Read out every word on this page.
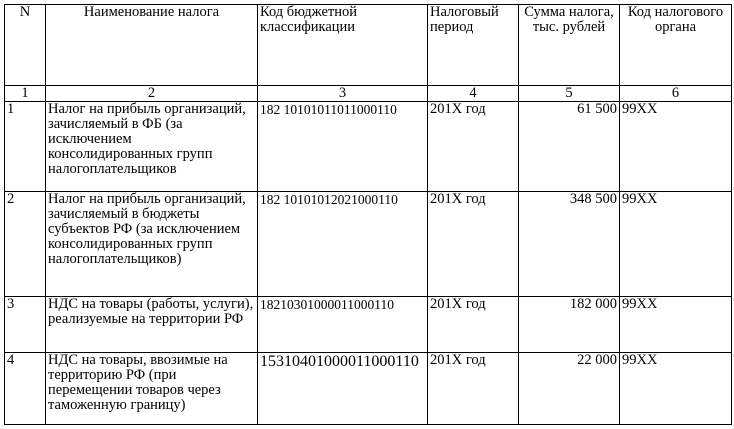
N	Наименование налога	Код бюджетной классификации	Налоговый период	Сумма налога, тыс. рублей	Код налогового органа
1	2	3	4	5	6
1	Налог на прибыль организаций, зачисляемый в ФБ (за исключением консолидированных групп налогоплательщиков	182 10101011011000110	201X год	61 500	99XX
2	Налог на прибыль организаций, зачисляемый в бюджеты субъектов РФ (за исключением консолидированных групп налогоплательщиков)	182 10101012021000110	201X год	348 500	99XX
3	НДС на товары (работы, услуги), реализуемые на территории РФ	18210301000011000110	201X год	182 000	99XX
4	НДС на товары, ввозимые на территорию РФ (при перемещении товаров через таможенную границу)	15310401000011000110	201X год	22 000	99XX
